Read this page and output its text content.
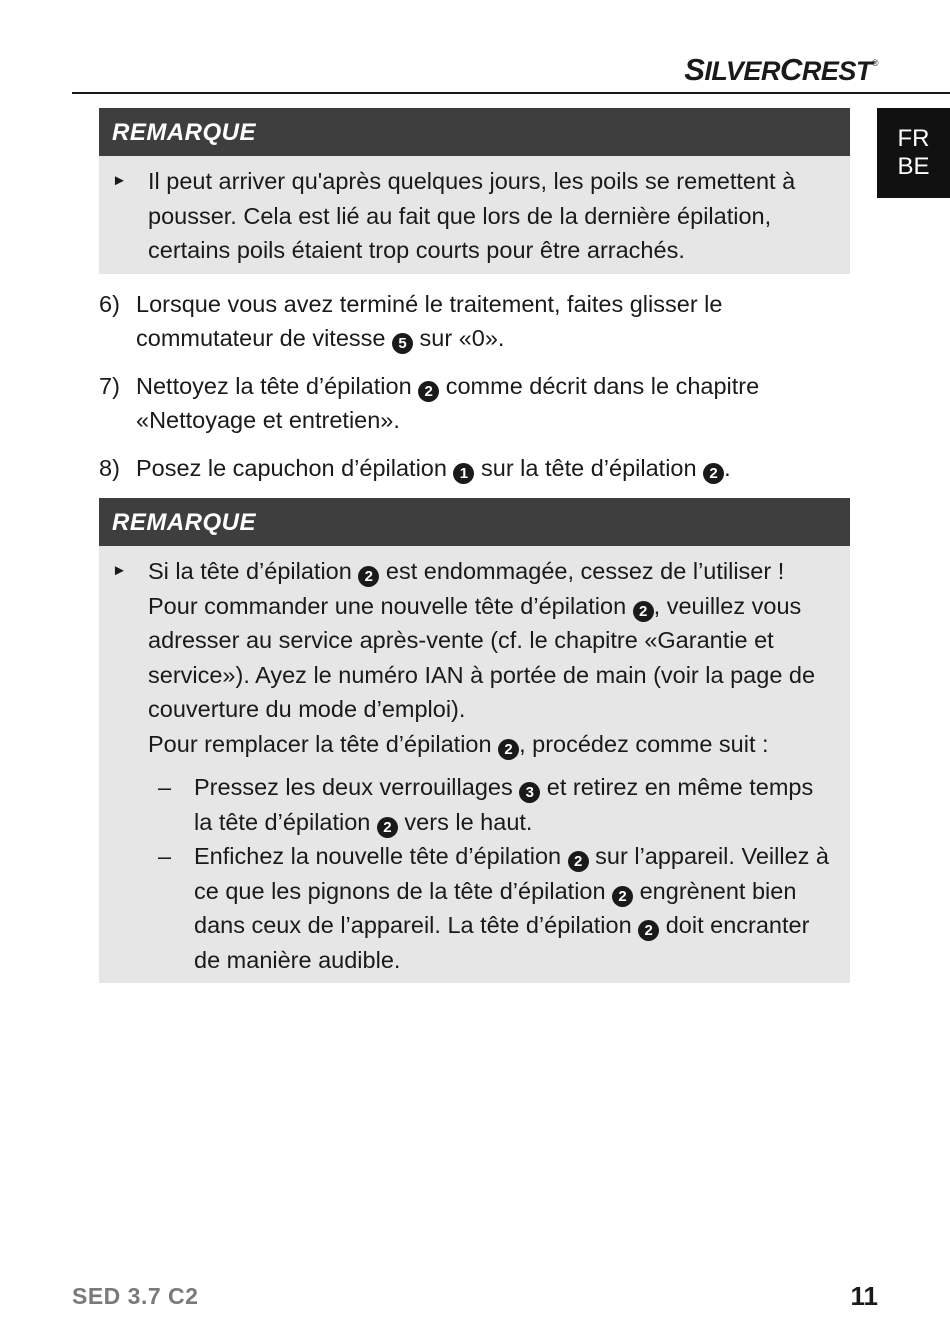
SILVERCREST®
FR
BE
REMARQUE
► Il peut arriver qu'après quelques jours, les poils se remettent à pousser. Cela est lié au fait que lors de la dernière épilation, certains poils étaient trop courts pour être arrachés.
6) Lorsque vous avez terminé le traitement, faites glisser le commutateur de vitesse 5 sur «0».
7) Nettoyez la tête d’épilation 2 comme décrit dans le chapitre «Nettoyage et entretien».
8) Posez le capuchon d’épilation 1 sur la tête d’épilation 2 .
REMARQUE
► Si la tête d’épilation 2 est endommagée, cessez de l’utiliser ! Pour commander une nouvelle tête d’épilation 2 , veuillez vous adresser au service après-vente (cf. le chapitre «Garantie et service»). Ayez le numéro IAN à portée de main (voir la page de couverture du mode d’emploi).
Pour remplacer la tête d’épilation 2 , procédez comme suit :
– Pressez les deux verrouillages 3 et retirez en même temps la tête d’épilation 2 vers le haut.
– Enfichez la nouvelle tête d’épilation 2 sur l’appareil. Veillez à ce que les pignons de la tête d’épilation 2 engrènent bien dans ceux de l’appareil. La tête d’épilation 2 doit encranter de manière audible.
SED 3.7 C2	11
